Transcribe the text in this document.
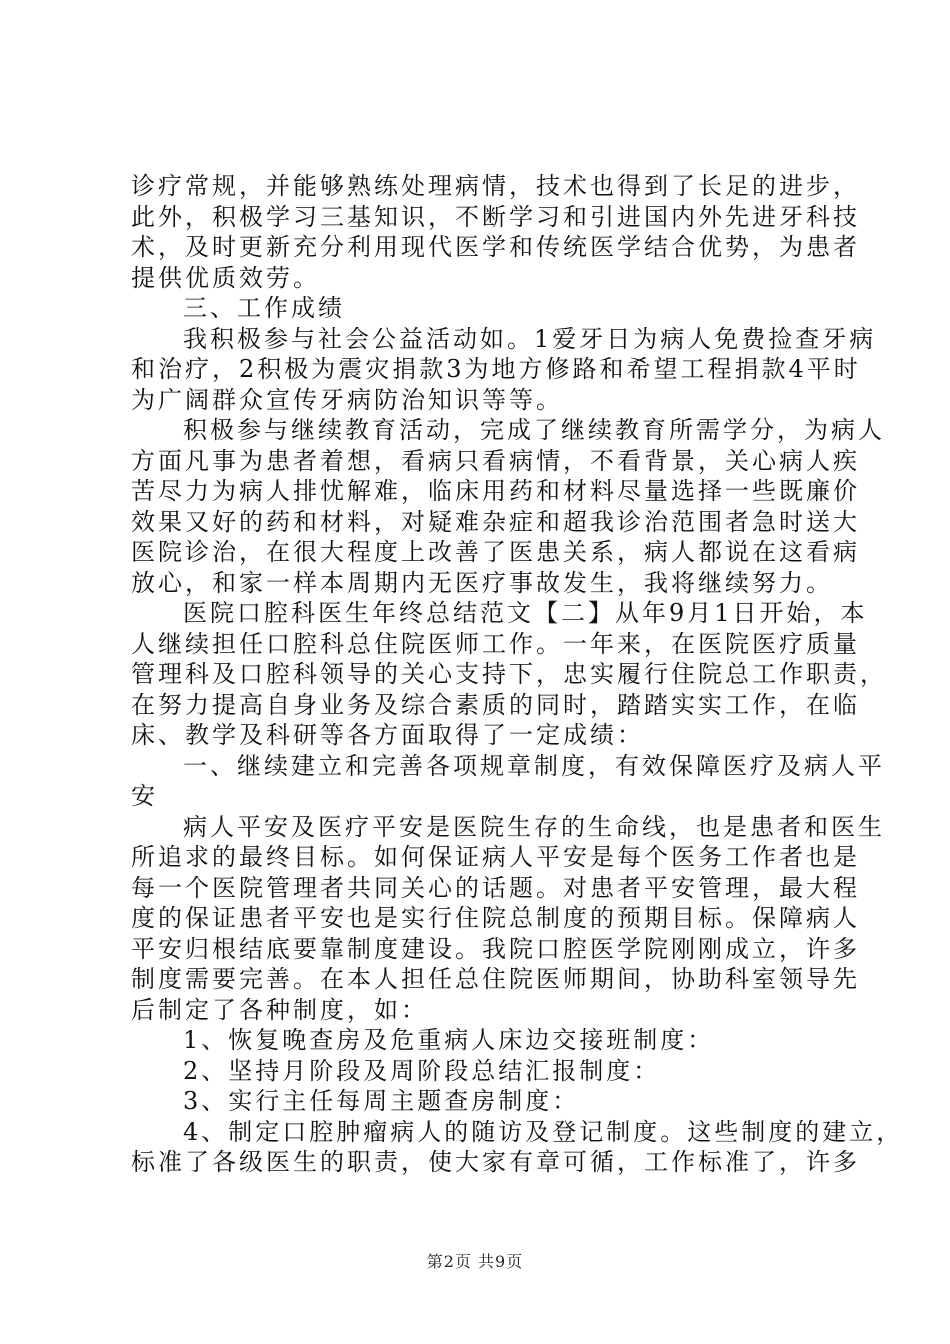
诊疗常规，并能够熟练处理病情，技术也得到了长足的进步，
此外，积极学习三基知识，不断学习和引进国内外先进牙科技
术，及时更新充分利用现代医学和传统医学结合优势，为患者
提供优质效劳。
三、工作成绩
我积极参与社会公益活动如。1爱牙日为病人免费捡查牙病
和治疗，2积极为震灾捐款3为地方修路和希望工程捐款4平时
为广阔群众宣传牙病防治知识等等。
积极参与继续教育活动，完成了继续教育所需学分，为病人
方面凡事为患者着想，看病只看病情，不看背景，关心病人疾
苦尽力为病人排忧解难，临床用药和材料尽量选择一些既廉价
效果又好的药和材料，对疑难杂症和超我诊治范围者急时送大
医院诊治，在很大程度上改善了医患关系，病人都说在这看病
放心，和家一样本周期内无医疗事故发生，我将继续努力。
医院口腔科医生年终总结范文【二】从年9月1日开始，本
人继续担任口腔科总住院医师工作。一年来，在医院医疗质量
管理科及口腔科领导的关心支持下，忠实履行住院总工作职责，
在努力提高自身业务及综合素质的同时，踏踏实实工作，在临
床、教学及科研等各方面取得了一定成绩：
一、继续建立和完善各项规章制度，有效保障医疗及病人平
安
病人平安及医疗平安是医院生存的生命线，也是患者和医生
所追求的最终目标。如何保证病人平安是每个医务工作者也是
每一个医院管理者共同关心的话题。对患者平安管理，最大程
度的保证患者平安也是实行住院总制度的预期目标。保障病人
平安归根结底要靠制度建设。我院口腔医学院刚刚成立，许多
制度需要完善。在本人担任总住院医师期间，协助科室领导先
后制定了各种制度，如：
1、恢复晚查房及危重病人床边交接班制度：
2、坚持月阶段及周阶段总结汇报制度：
3、实行主任每周主题查房制度：
4、制定口腔肿瘤病人的随访及登记制度。这些制度的建立，
标准了各级医生的职责，使大家有章可循，工作标准了，许多
第2页 共9页
